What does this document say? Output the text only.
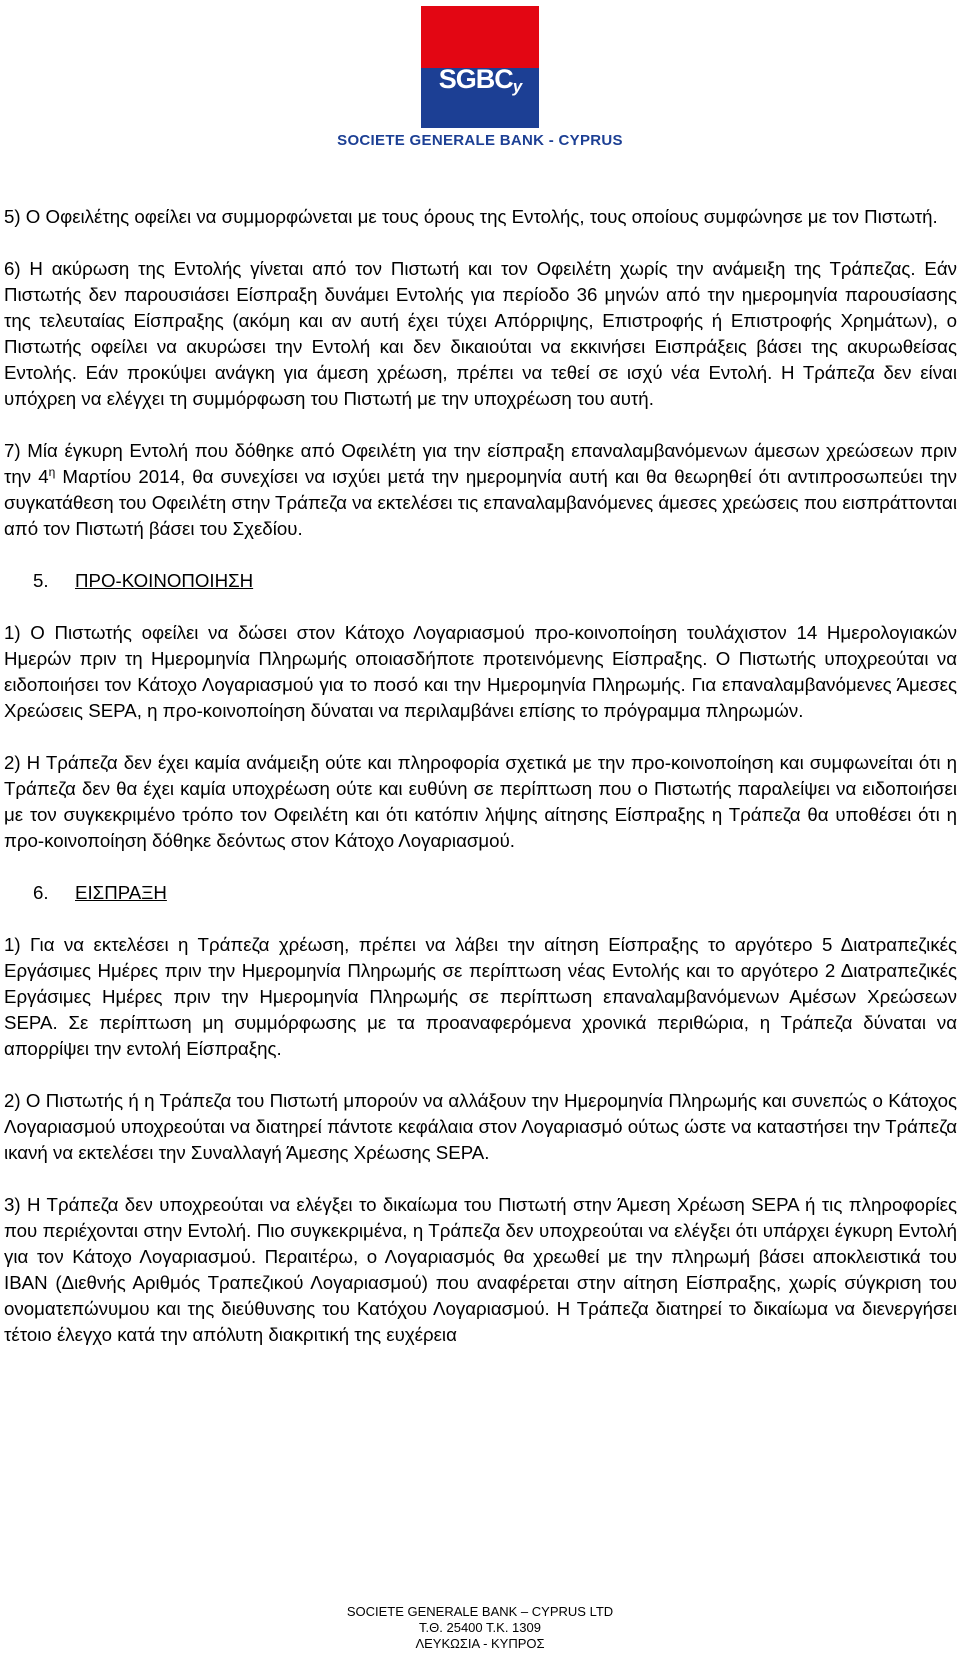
SGBCy
SOCIETE GENERALE BANK - CYPRUS

5) Ο Οφειλέτης οφείλει να συμμορφώνεται με τους όρους της Εντολής, τους οποίους συμφώνησε με τον Πιστωτή.

6) Η ακύρωση της Εντολής γίνεται από τον Πιστωτή και τον Οφειλέτη χωρίς την ανάμειξη της Τράπεζας. Εάν Πιστωτής δεν παρουσιάσει Είσπραξη δυνάμει Εντολής για περίοδο 36 μηνών από την ημερομηνία παρουσίασης της τελευταίας Είσπραξης (ακόμη και αν αυτή έχει τύχει Απόρριψης, Επιστροφής ή Επιστροφής Χρημάτων), ο Πιστωτής οφείλει να ακυρώσει την Εντολή και δεν δικαιούται να εκκινήσει Εισπράξεις βάσει της ακυρωθείσας Εντολής. Εάν προκύψει ανάγκη για άμεση χρέωση, πρέπει να τεθεί σε ισχύ νέα Εντολή. Η Τράπεζα δεν είναι υπόχρεη να ελέγχει τη συμμόρφωση του Πιστωτή με την υποχρέωση του αυτή.

7) Μία έγκυρη Εντολή που δόθηκε από Οφειλέτη για την είσπραξη επαναλαμβανόμενων άμεσων χρεώσεων πριν την $4^\eta$ Μαρτίου 2014, θα συνεχίσει να ισχύει μετά την ημερομηνία αυτή και θα θεωρηθεί ότι αντιπροσωπεύει την συγκατάθεση του Οφειλέτη στην Τράπεζα να εκτελέσει τις επαναλαμβανόμενες άμεσες χρεώσεις που εισπράττονται από τον Πιστωτή βάσει του Σχεδίου.

5. ΠΡΟ-ΚΟΙΝΟΠΟΙΗΣΗ

1) Ο Πιστωτής οφείλει να δώσει στον Κάτοχο Λογαριασμού προ-κοινοποίηση τουλάχιστον 14 Ημερολογιακών Ημερών πριν τη Ημερομηνία Πληρωμής οποιασδήποτε προτεινόμενης Είσπραξης. Ο Πιστωτής υποχρεούται να ειδοποιήσει τον Κάτοχο Λογαριασμού για το ποσό και την Ημερομηνία Πληρωμής. Για επαναλαμβανόμενες Άμεσες Χρεώσεις SEPA, η προ-κοινοποίηση δύναται να περιλαμβάνει επίσης το πρόγραμμα πληρωμών.

2) Η Τράπεζα δεν έχει καμία ανάμειξη ούτε και πληροφορία σχετικά με την προ-κοινοποίηση και συμφωνείται ότι η Τράπεζα δεν θα έχει καμία υποχρέωση ούτε και ευθύνη σε περίπτωση που ο Πιστωτής παραλείψει να ειδοποιήσει με τον συγκεκριμένο τρόπο τον Οφειλέτη και ότι κατόπιν λήψης αίτησης Είσπραξης η Τράπεζα θα υποθέσει ότι η προ-κοινοποίηση δόθηκε δεόντως στον Κάτοχο Λογαριασμού.

6. ΕΙΣΠΡΑΞΗ

1) Για να εκτελέσει η Τράπεζα χρέωση, πρέπει να λάβει την αίτηση Είσπραξης το αργότερο 5 Διατραπεζικές Εργάσιμες Ημέρες πριν την Ημερομηνία Πληρωμής σε περίπτωση νέας Εντολής και το αργότερο 2 Διατραπεζικές Εργάσιμες Ημέρες πριν την Ημερομηνία Πληρωμής σε περίπτωση επαναλαμβανόμενων Αμέσων Χρεώσεων SEPA. Σε περίπτωση μη συμμόρφωσης με τα προαναφερόμενα χρονικά περιθώρια, η Τράπεζα δύναται να απορρίψει την εντολή Είσπραξης.

2) Ο Πιστωτής ή η Τράπεζα του Πιστωτή μπορούν να αλλάξουν την Ημερομηνία Πληρωμής και συνεπώς ο Κάτοχος Λογαριασμού υποχρεούται να διατηρεί πάντοτε κεφάλαια στον Λογαριασμό ούτως ώστε να καταστήσει την Τράπεζα ικανή να εκτελέσει την Συναλλαγή Άμεσης Χρέωσης SEPA.

3) Η Τράπεζα δεν υποχρεούται να ελέγξει το δικαίωμα του Πιστωτή στην Άμεση Χρέωση SEPA ή τις πληροφορίες που περιέχονται στην Εντολή. Πιο συγκεκριμένα, η Τράπεζα δεν υποχρεούται να ελέγξει ότι υπάρχει έγκυρη Εντολή για τον Κάτοχο Λογαριασμού. Περαιτέρω, ο Λογαριασμός θα χρεωθεί με την πληρωμή βάσει αποκλειστικά του IBAN (Διεθνής Αριθμός Τραπεζικού Λογαριασμού) που αναφέρεται στην αίτηση Είσπραξης, χωρίς σύγκριση του ονοματεπώνυμου και της διεύθυνσης του Κατόχου Λογαριασμού. Η Τράπεζα διατηρεί το δικαίωμα να διενεργήσει τέτοιο έλεγχο κατά την απόλυτη διακριτική της ευχέρεια

SOCIETE GENERALE BANK – CYPRUS LTD
Τ.Θ. 25400 Τ.Κ. 1309
ΛΕΥΚΩΣΙΑ - ΚΥΠΡΟΣ
